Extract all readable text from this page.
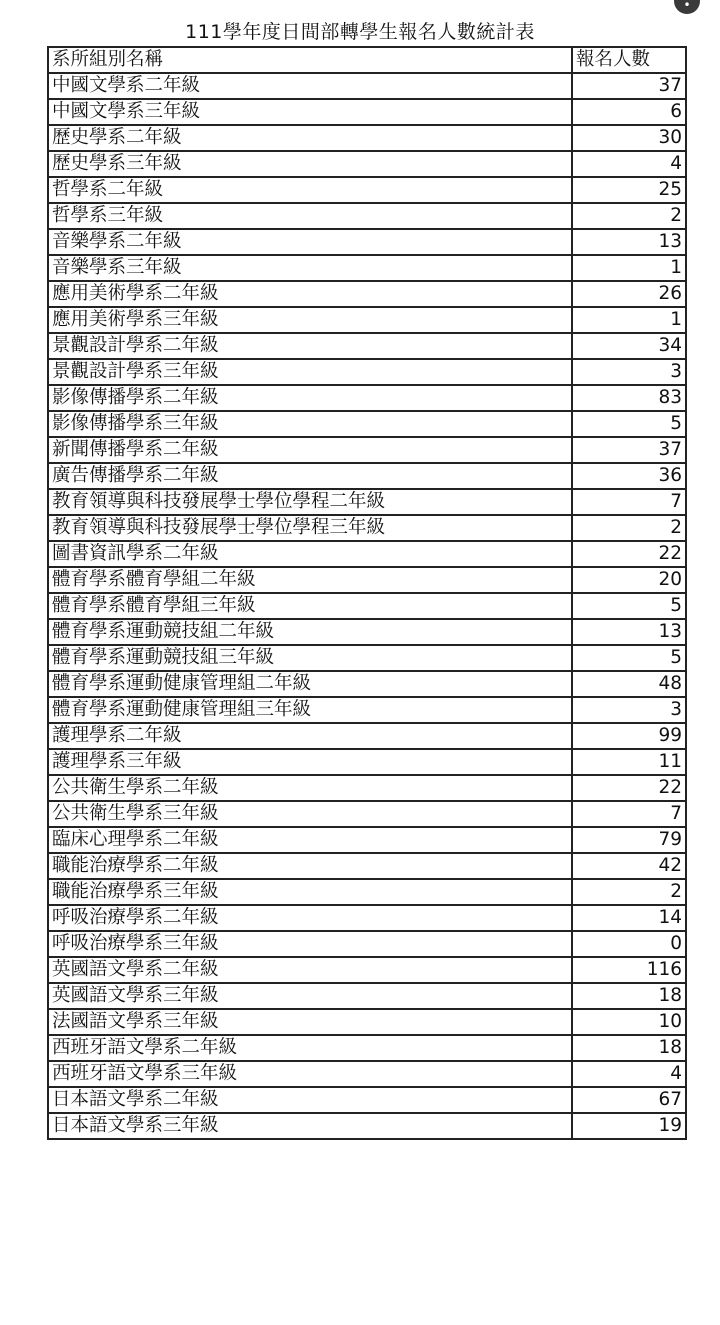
•
111學年度日間部轉學生報名人數統計表
系所組別名稱	報名人數
中國文學系二年級	37
中國文學系三年級	6
歷史學系二年級	30
歷史學系三年級	4
哲學系二年級	25
哲學系三年級	2
音樂學系二年級	13
音樂學系三年級	1
應用美術學系二年級	26
應用美術學系三年級	1
景觀設計學系二年級	34
景觀設計學系三年級	3
影像傳播學系二年級	83
影像傳播學系三年級	5
新聞傳播學系二年級	37
廣告傳播學系二年級	36
教育領導與科技發展學士學位學程二年級	7
教育領導與科技發展學士學位學程三年級	2
圖書資訊學系二年級	22
體育學系體育學組二年級	20
體育學系體育學組三年級	5
體育學系運動競技組二年級	13
體育學系運動競技組三年級	5
體育學系運動健康管理組二年級	48
體育學系運動健康管理組三年級	3
護理學系二年級	99
護理學系三年級	11
公共衛生學系二年級	22
公共衛生學系三年級	7
臨床心理學系二年級	79
職能治療學系二年級	42
職能治療學系三年級	2
呼吸治療學系二年級	14
呼吸治療學系三年級	0
英國語文學系二年級	116
英國語文學系三年級	18
法國語文學系三年級	10
西班牙語文學系二年級	18
西班牙語文學系三年級	4
日本語文學系二年級	67
日本語文學系三年級	19
